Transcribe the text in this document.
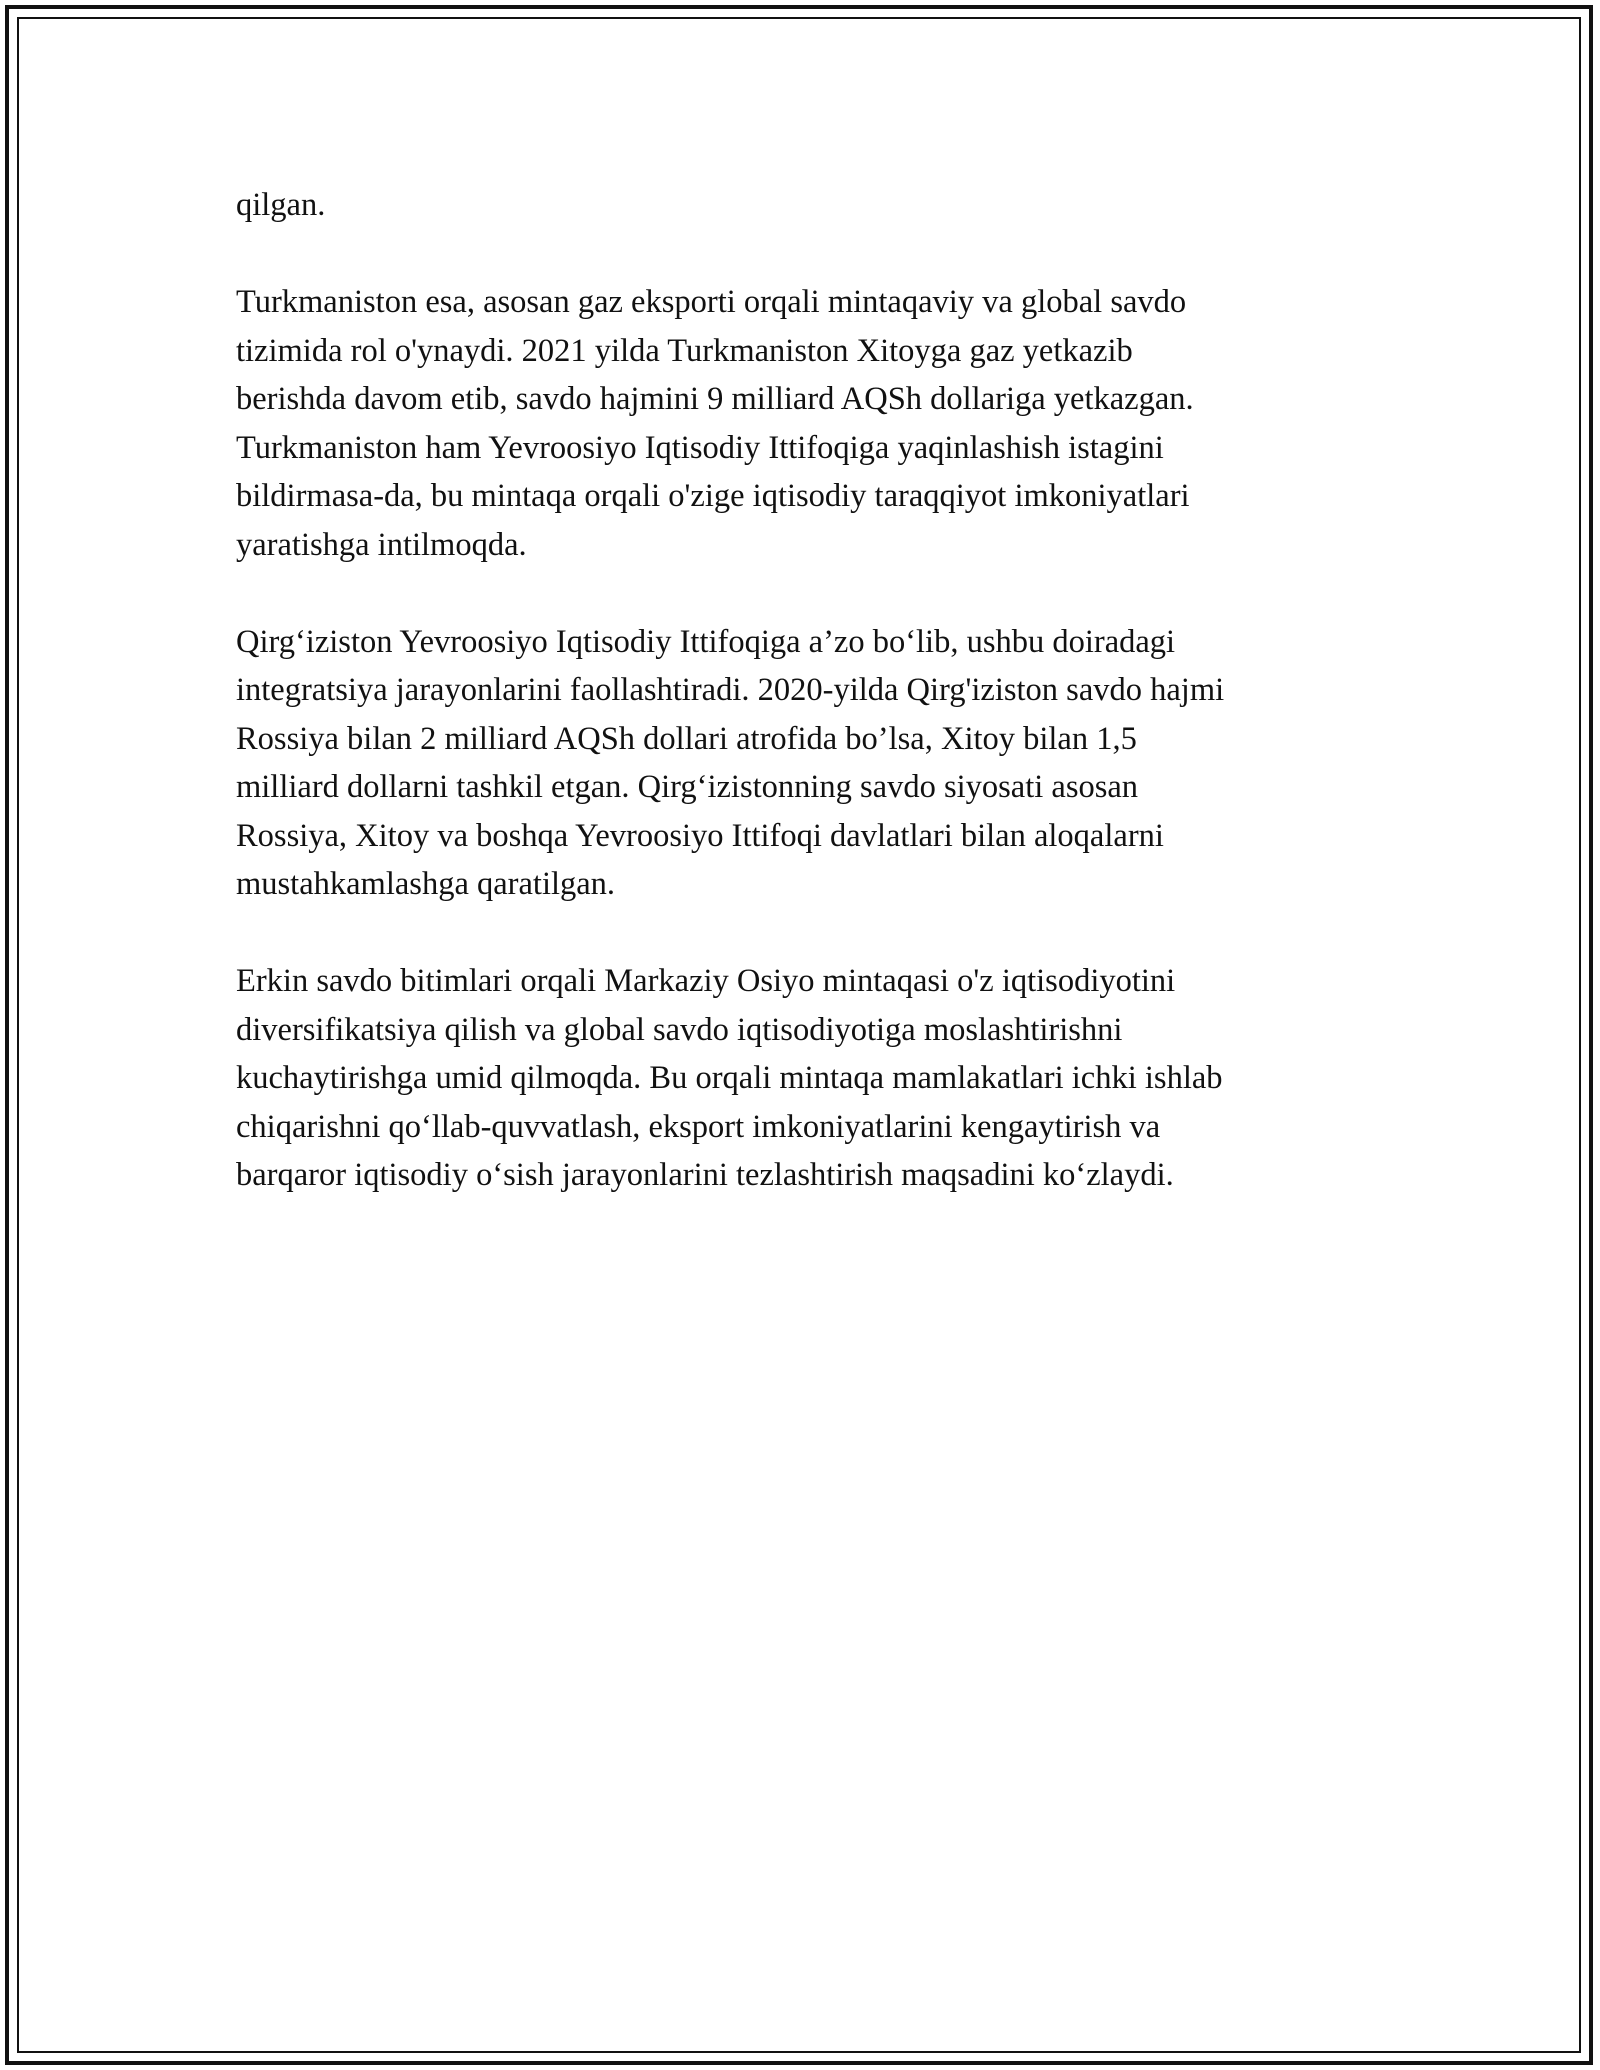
qilgan.

Turkmaniston esa, asosan gaz eksporti orqali mintaqaviy va global savdo
tizimida rol o'ynaydi. 2021 yilda Turkmaniston Xitoyga gaz yetkazib
berishda davom etib, savdo hajmini 9 milliard AQSh dollariga yetkazgan.
Turkmaniston ham Yevroosiyo Iqtisodiy Ittifoqiga yaqinlashish istagini
bildirmasa-da, bu mintaqa orqali o'zige iqtisodiy taraqqiyot imkoniyatlari
yaratishga intilmoqda.

Qirg‘iziston Yevroosiyo Iqtisodiy Ittifoqiga a’zo bo‘lib, ushbu doiradagi
integratsiya jarayonlarini faollashtiradi. 2020-yilda Qirg'iziston savdo hajmi
Rossiya bilan 2 milliard AQSh dollari atrofida bo’lsa, Xitoy bilan 1,5
milliard dollarni tashkil etgan. Qirg‘izistonning savdo siyosati asosan
Rossiya, Xitoy va boshqa Yevroosiyo Ittifoqi davlatlari bilan aloqalarni
mustahkamlashga qaratilgan.

Erkin savdo bitimlari orqali Markaziy Osiyo mintaqasi o'z iqtisodiyotini
diversifikatsiya qilish va global savdo iqtisodiyotiga moslashtirishni
kuchaytirishga umid qilmoqda. Bu orqali mintaqa mamlakatlari ichki ishlab
chiqarishni qo‘llab-quvvatlash, eksport imkoniyatlarini kengaytirish va
barqaror iqtisodiy o‘sish jarayonlarini tezlashtirish maqsadini ko‘zlaydi.
